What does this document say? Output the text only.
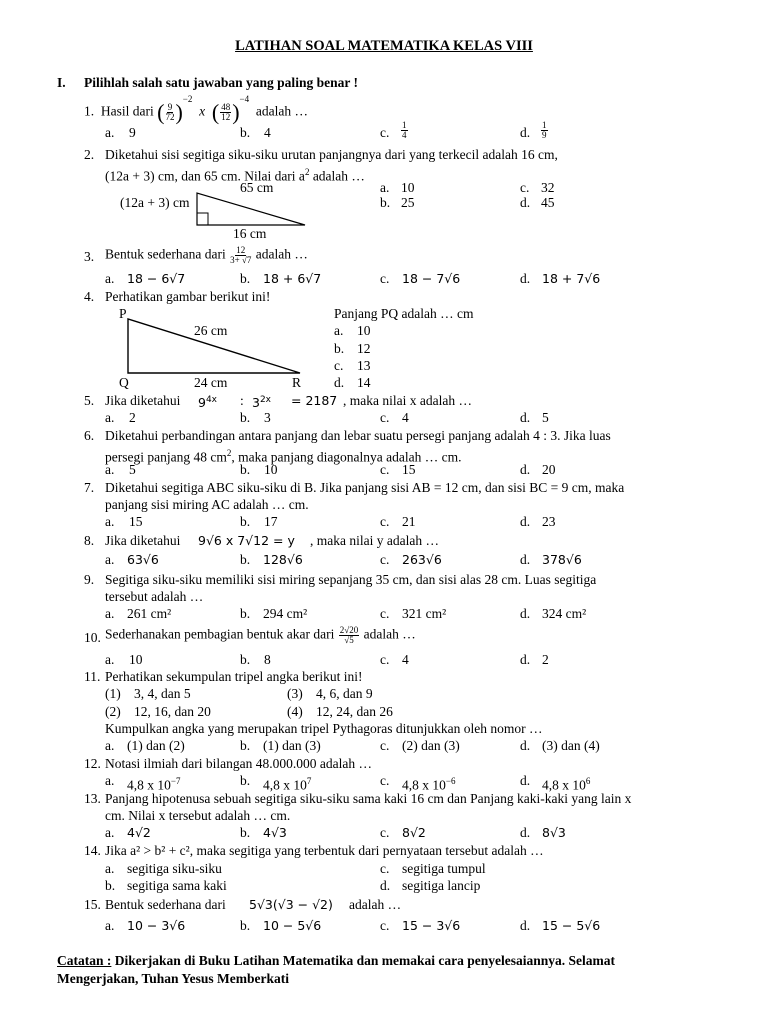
LATIHAN SOAL MATEMATIKA KELAS VIII
I. Pilihlah salah satu jawaban yang paling benar !
1. Hasil dari ( $\frac{9}{72} )^{-2}$  x ( $\frac{48}{12} )^{-4}$  adalah …
a. 9	b. 4	c. $\frac{1}{4}$	d. $\frac{1}{9}$
2. Diketahui sisi segitiga siku-siku urutan panjangnya dari yang terkecil adalah 16 cm,
(12a + 3) cm, dan 65 cm. Nilai dari $a^2$ adalah …
65 cm
(12a + 3) cm
16 cm
a. 10
b. 25
c. 32
d. 45
3. Bentuk sederhana dari $\frac{12}{3+ √7}$ adalah …
a. 18 − 6√7	b. 18 + 6√7	c. 18 − 7√6	d. 18 + 7√6
4. Perhatikan gambar berikut ini!
P
26 cm
Q	24 cm	R
Panjang PQ adalah … cm
a. 10
b. 12
c. 13
d. 14
5. Jika diketahui $9^{4x}$ : $3^{2x} = 2187$ , maka nilai x adalah …
a. 2	b. 3	c. 4	d. 5
6. Diketahui perbandingan antara panjang dan lebar suatu persegi panjang adalah 4 : 3. Jika luas
persegi panjang 48 $cm^2$, maka panjang diagonalnya adalah … cm.
a. 5	b. 10	c. 15	d. 20
7. Diketahui segitiga ABC siku-siku di B. Jika panjang sisi AB = 12 cm, dan sisi BC = 9 cm, maka
panjang sisi miring AC adalah … cm.
a. 15	b. 17	c. 21	d. 23
8. Jika diketahui 9√6 x 7√12 = y , maka nilai y adalah …
a. 63√6	b. 128√6	c. 263√6	d. 378√6
9. Segitiga siku-siku memiliki sisi miring sepanjang 35 cm, dan sisi alas 28 cm. Luas segitiga
tersebut adalah …
a. 261 cm²	b. 294 cm²	c. 321 cm²	d. 324 cm²
10. Sederhanakan pembagian bentuk akar dari $\frac{2√20}{√5}$ adalah …
a. 10	b. 8	c. 4	d. 2
11. Perhatikan sekumpulan tripel angka berikut ini!
(1) 3, 4, dan 5	(3) 4, 6, dan 9
(2) 12, 16, dan 20	(4) 12, 24, dan 26
Kumpulkan angka yang merupakan tripel Pythagoras ditunjukkan oleh nomor …
a. (1) dan (2)	b. (1) dan (3)	c. (2) dan (3)	d. (3) dan (4)
12. Notasi ilmiah dari bilangan 48.000.000 adalah …
a. 4,8 x $10^{-7}$	b. 4,8 x $10^7$	c. 4,8 x $10^{-6}$	d. 4,8 x $10^6$
13. Panjang hipotenusa sebuah segitiga siku-siku sama kaki 16 cm dan Panjang kaki-kaki yang lain x
cm. Nilai x tersebut adalah … cm.
a. 4√2	b. 4√3	c. 8√2	d. 8√3
14. Jika a² > b² + c², maka segitiga yang terbentuk dari pernyataan tersebut adalah …
a. segitiga siku-siku	c. segitiga tumpul
b. segitiga sama kaki	d. segitiga lancip
15. Bentuk sederhana dari 5√3(√3 − √2) adalah …
a. 10 − 3√6	b. 10 − 5√6	c. 15 − 3√6	d. 15 − 5√6
Catatan : Dikerjakan di Buku Latihan Matematika dan memakai cara penyelesaiannya. Selamat
Mengerjakan, Tuhan Yesus Memberkati
